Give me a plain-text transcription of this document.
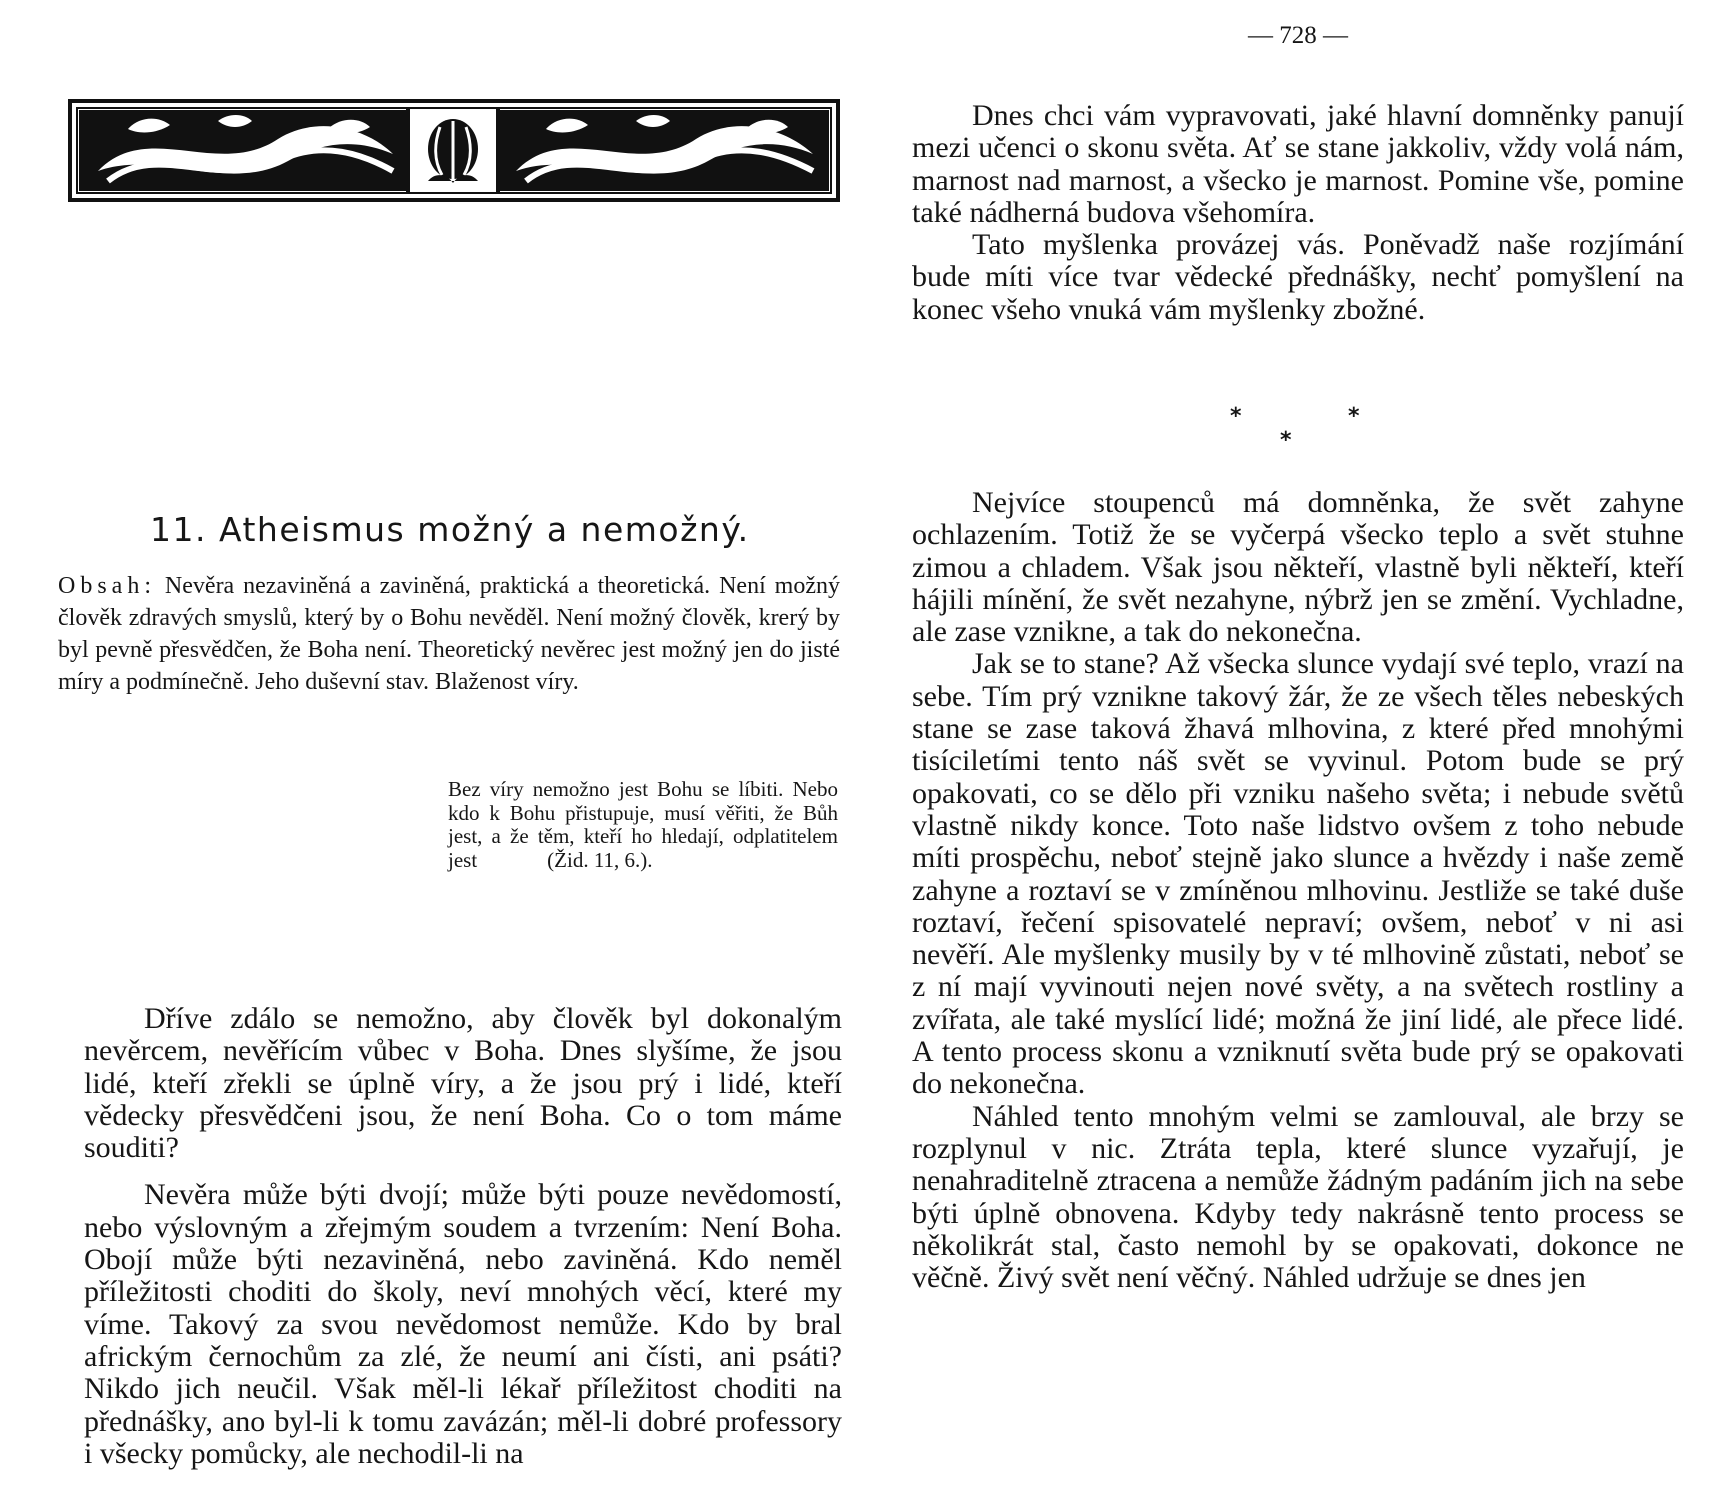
— 728 —

Dnes chci vám vypravovati, jaké hlavní domněnky panují mezi učenci o skonu světa. Ať se stane jakkoliv, vždy volá nám, marnost nad marnost, a všecko je marnost. Pomine vše, pomine také nádherná budova všehomíra.

Tato myšlenka provázej vás. Poněvadž naše rozjímání bude míti více tvar vědecké přednášky, nechť pomyšlení na konec všeho vnuká vám myšlenky zbožné.

*
*
*
11. Atheismus možný a nemožný.

Obsah: Nevěra nezaviněná a zaviněná, praktická a theoretická. Není možný člověk zdravých smyslů, který by o Bohu nevěděl. Není možný člověk, krerý by byl pevně přesvědčen, že Boha není. Theoretický nevěrec jest možný jen do jisté míry a podmínečně. Jeho duševní stav. Blaženost víry.

Bez víry nemožno jest Bohu se líbiti. Nebo kdo k Bohu přistupuje, musí věřiti, že Bůh jest, a že těm, kteří ho hledají, odplatitelem jest	(Žid. 11, 6.).

Dříve zdálo se nemožno, aby člověk byl dokonalým nevěrcem, nevěřícím vůbec v Boha. Dnes slyšíme, že jsou lidé, kteří zřekli se úplně víry, a že jsou prý i lidé, kteří vědecky přesvědčeni jsou, že není Boha. Co o tom máme souditi?

Nevěra může býti dvojí; může býti pouze nevědomostí, nebo výslovným a zřejmým soudem a tvrzením: Není Boha. Obojí může býti nezaviněná, nebo zaviněná. Kdo neměl příležitosti choditi do školy, neví mnohých věcí, které my víme. Takový za svou nevědomost nemůže. Kdo by bral africkým černochům za zlé, že neumí ani čísti, ani psáti? Nikdo jich neučil. Však měl-li lékař příležitost choditi na přednášky, ano byl-li k tomu zavázán; měl-li dobré professory i všecky pomůcky, ale nechodil-li na

Nejvíce stoupenců má domněnka, že svět zahyne ochlazením. Totiž že se vyčerpá všecko teplo a svět stuhne zimou a chladem. Však jsou někteří, vlastně byli někteří, kteří hájili mínění, že svět nezahyne, nýbrž jen se změní. Vychladne, ale zase vznikne, a tak do nekonečna.

Jak se to stane? Až všecka slunce vydají své teplo, vrazí na sebe. Tím prý vznikne takový žár, že ze všech těles nebeských stane se zase taková žhavá mlhovina, z které před mnohými tisíciletími tento náš svět se vyvinul. Potom bude se prý opakovati, co se dělo při vzniku našeho světa; i nebude světů vlastně nikdy konce. Toto naše lidstvo ovšem z toho nebude míti prospěchu, neboť stejně jako slunce a hvězdy i naše země zahyne a roztaví se v zmíněnou mlhovinu. Jestliže se také duše roztaví, řečení spisovatelé nepraví; ovšem, neboť v ni asi nevěří. Ale myšlenky musily by v té mlhovině zůstati, neboť se z ní mají vyvinouti nejen nové světy, a na světech rostliny a zvířata, ale také myslící lidé; možná že jiní lidé, ale přece lidé. A tento process skonu a vzniknutí světa bude prý se opakovati do nekonečna.

Náhled tento mnohým velmi se zamlouval, ale brzy se rozplynul v nic. Ztráta tepla, které slunce vyzařují, je nenahraditelně ztracena a nemůže žádným padáním jich na sebe býti úplně obnovena. Kdyby tedy nakrásně tento process se několikrát stal, často nemohl by se opakovati, dokonce ne věčně. Živý svět není věčný. Náhled udržuje se dnes jen
